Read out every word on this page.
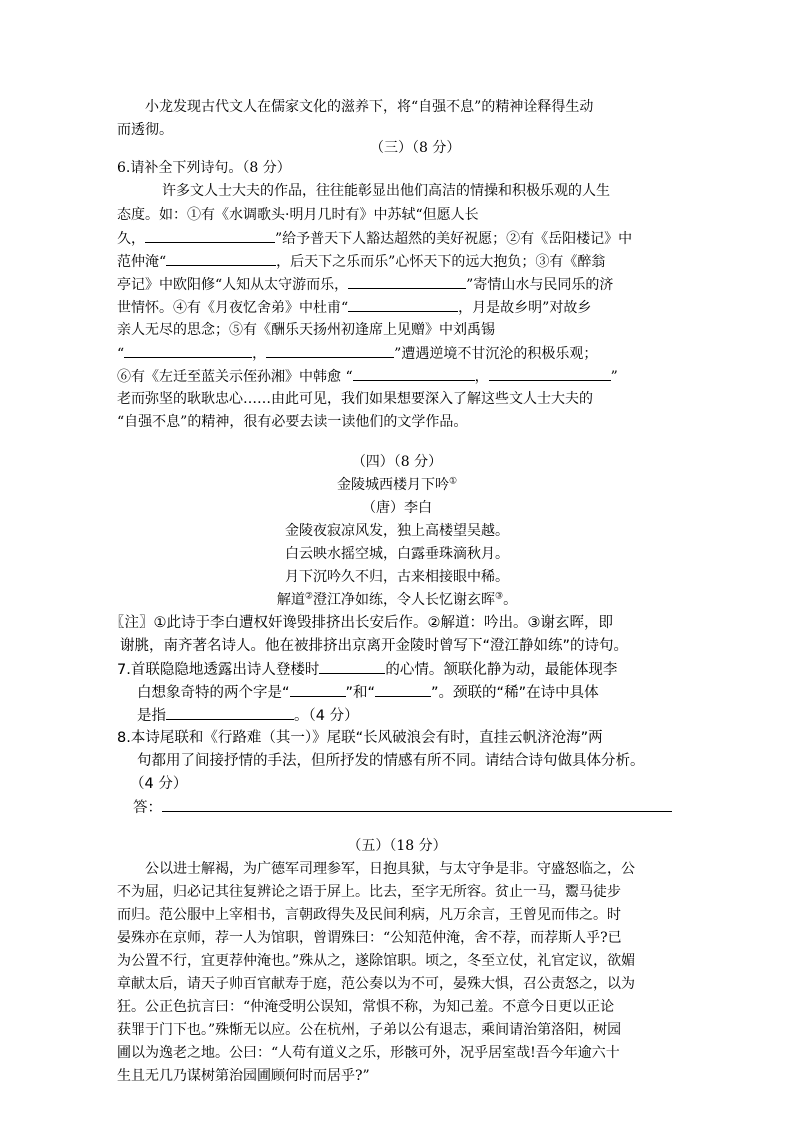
小龙发现古代文人在儒家文化的滋养下，将“自强不息”的精神诠释得生动
而透彻。
（三）（8 分）
6.请补全下列诗句。（8 分）
许多文人士大夫的作品，往往能彰显出他们高洁的情操和积极乐观的人生
态度。如：①有《水调歌头·明月几时有》中苏轼“但愿人长
久，	”给予普天下人豁达超然的美好祝愿；②有《岳阳楼记》中
范仲淹“	，后天下之乐而乐”心怀天下的远大抱负；③有《醉翁
亭记》中欧阳修“人知从太守游而乐，	”寄情山水与民同乐的济
世情怀。④有《月夜忆舍弟》中杜甫“	，月是故乡明”对故乡
亲人无尽的思念；⑤有《酬乐天扬州初逢席上见赠》中刘禹锡
“	，	”遭遇逆境不甘沉沦的积极乐观；
⑥有《左迁至蓝关示侄孙湘》中韩愈 “	，	”
老而弥坚的耿耿忠心……由此可见，我们如果想要深入了解这些文人士大夫的
“自强不息”的精神，很有必要去读一读他们的文学作品。
（四）（8 分）
金陵城西楼月下吟①
（唐）李白
金陵夜寂凉风发，独上高楼望吴越。
白云映水摇空城，白露垂珠滴秋月。
月下沉吟久不归，古来相接眼中稀。
解道②澄江净如练，令人长忆谢玄晖③。
〖注〗①此诗于李白遭权奸谗毁排挤出长安后作。②解道：吟出。③谢玄晖，即
谢朓，南齐著名诗人。他在被排挤出京离开金陵时曾写下“澄江静如练”的诗句。
7.首联隐隐地透露出诗人登楼时	的心情。颔联化静为动，最能体现李
白想象奇特的两个字是“	”和“	”。颈联的“稀”在诗中具体
是指	。（4 分）
8.本诗尾联和《行路难（其一）》尾联“长风破浪会有时，直挂云帆济沧海”两
句都用了间接抒情的手法，但所抒发的情感有所不同。请结合诗句做具体分析。
（4 分）
答：
（五）（18 分）
公以进士解褐，为广德军司理参军，日抱具狱，与太守争是非。守盛怒临之，公
不为屈，归必记其往复辨论之语于屏上。比去，至字无所容。贫止一马，鬻马徒步
而归。范公服中上宰相书，言朝政得失及民间利病，凡万余言，王曾见而伟之。时
晏殊亦在京师，荐一人为馆职，曾谓殊曰：“公知范仲淹，舍不荐，而荐斯人乎?已
为公置不行，宜更荐仲淹也。”殊从之，遂除馆职。顷之，冬至立仗，礼官定议，欲媚
章献太后，请天子帅百官献寿于庭，范公奏以为不可，晏殊大惧，召公责怒之，以为
狂。公正色抗言曰：“仲淹受明公误知，常惧不称，为知己羞。不意今日更以正论
获罪于门下也。”殊惭无以应。公在杭州，子弟以公有退志，乘间请治第洛阳，树园
圃以为逸老之地。公曰：“人苟有道义之乐，形骸可外，况乎居室哉!吾今年逾六十
生且无几乃谋树第治园圃顾何时而居乎?”
